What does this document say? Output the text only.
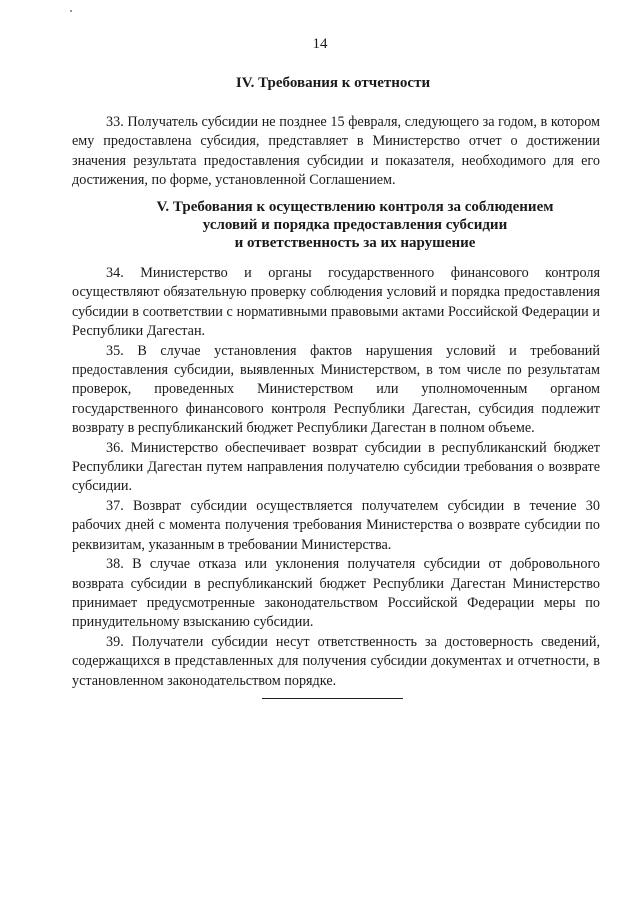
14
IV. Требования к отчетности

33. Получатель субсидии не позднее 15 февраля, следующего за годом, в котором ему предоставлена субсидия, представляет в Министерство отчет о достижении значения результата предоставления субсидии и показателя, необходимого для его достижения, по форме, установленной Соглашением.

V. Требования к осуществлению контроля за соблюдением
условий и порядка предоставления субсидии
и ответственность за их нарушение

34. Министерство и органы государственного финансового контроля осуществляют обязательную проверку соблюдения условий и порядка предоставления субсидии в соответствии с нормативными правовыми актами Российской Федерации и Республики Дагестан.

35. В случае установления фактов нарушения условий и требований предоставления субсидии, выявленных Министерством, в том числе по результатам проверок, проведенных Министерством или уполномоченным органом государственного финансового контроля Республики Дагестан, субсидия подлежит возврату в республиканский бюджет Республики Дагестан в полном объеме.

36. Министерство обеспечивает возврат субсидии в республиканский бюджет Республики Дагестан путем направления получателю субсидии требования о возврате субсидии.

37. Возврат субсидии осуществляется получателем субсидии в течение 30 рабочих дней с момента получения требования Министерства о возврате субсидии по реквизитам, указанным в требовании Министерства.

38. В случае отказа или уклонения получателя субсидии от добровольного возврата субсидии в республиканский бюджет Республики Дагестан Министерство принимает предусмотренные законодательством Российской Федерации меры по принудительному взысканию субсидии.

39. Получатели субсидии несут ответственность за достоверность сведений, содержащихся в представленных для получения субсидии документах и отчетности, в установленном законодательством порядке.
